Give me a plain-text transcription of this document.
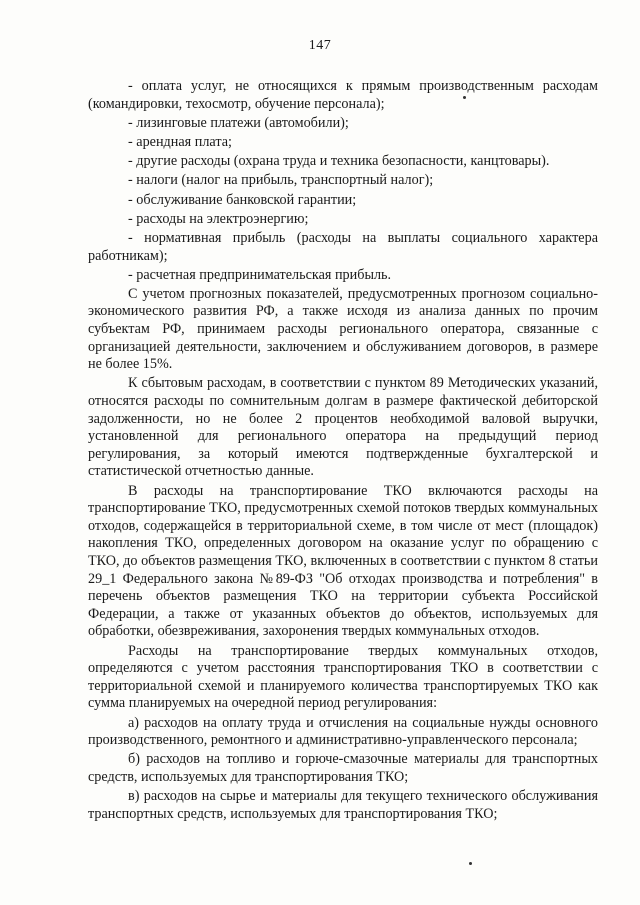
147

- оплата услуг, не относящихся к прямым производственным расходам (командировки, техосмотр, обучение персонала);

- лизинговые платежи (автомобили);

- арендная плата;

- другие расходы (охрана труда и техника безопасности, канцтовары).

- налоги (налог на прибыль, транспортный налог);

- обслуживание банковской гарантии;

- расходы на электроэнергию;

- нормативная прибыль (расходы на выплаты социального характера работникам);

- расчетная предпринимательская прибыль.

С учетом прогнозных показателей, предусмотренных прогнозом социально-экономического развития РФ, а также исходя из анализа данных по прочим субъектам РФ, принимаем расходы регионального оператора, связанные с организацией деятельности, заключением и обслуживанием договоров, в размере не более 15%.

К сбытовым расходам, в соответствии с пунктом 89 Методических указаний, относятся расходы по сомнительным долгам в размере фактической дебиторской задолженности, но не более 2 процентов необходимой валовой выручки, установленной для регионального оператора на предыдущий период регулирования, за который имеются подтвержденные бухгалтерской и статистической отчетностью данные.

В расходы на транспортирование ТКО включаются расходы на транспортирование ТКО, предусмотренных схемой потоков твердых коммунальных отходов, содержащейся в территориальной схеме, в том числе от мест (площадок) накопления ТКО, определенных договором на оказание услуг по обращению с ТКО, до объектов размещения ТКО, включенных в соответствии с пунктом 8 статьи 29_1 Федерального закона №89-ФЗ "Об отходах производства и потребления" в перечень объектов размещения ТКО на территории субъекта Российской Федерации, а также от указанных объектов до объектов, используемых для обработки, обезвреживания, захоронения твердых коммунальных отходов.

Расходы на транспортирование твердых коммунальных отходов, определяются с учетом расстояния транспортирования ТКО в соответствии с территориальной схемой и планируемого количества транспортируемых ТКО как сумма планируемых на очередной период регулирования:

а) расходов на оплату труда и отчисления на социальные нужды основного производственного, ремонтного и административно-управленческого персонала;

б) расходов на топливо и горюче-смазочные материалы для транспортных средств, используемых для транспортирования ТКО;

в) расходов на сырье и материалы для текущего технического обслуживания транспортных средств, используемых для транспортирования ТКО;
